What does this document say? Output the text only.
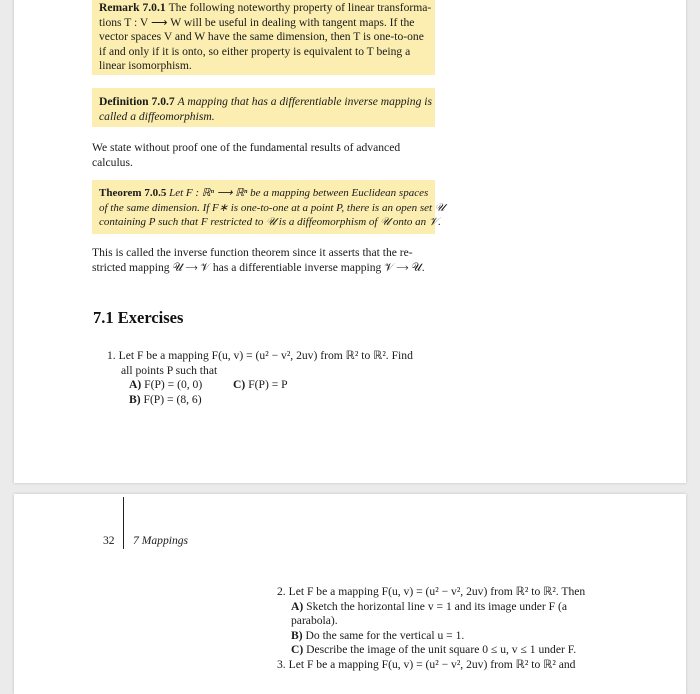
Remark 7.0.1 The following noteworthy property of linear transforma-
tions T : V ⟶ W will be useful in dealing with tangent maps. If the
vector spaces V and W have the same dimension, then T is one-to-one
if and only if it is onto, so either property is equivalent to T being a
linear isomorphism.
Definition 7.0.7 A mapping that has a differentiable inverse mapping is
called a diffeomorphism.
We state without proof one of the fundamental results of advanced
calculus.
Theorem 7.0.5 Let F : ℝⁿ ⟶ ℝⁿ be a mapping between Euclidean spaces
of the same dimension. If F∗ is one-to-one at a point P, there is an open set 𝒰
containing P such that F restricted to 𝒰 is a diffeomorphism of 𝒰 onto an 𝒱.
This is called the inverse function theorem since it asserts that the re-
stricted mapping 𝒰 ⟶ 𝒱 has a differentiable inverse mapping 𝒱 ⟶ 𝒰.
7.1 Exercises
1. Let F be a mapping F(u, v) = (u² − v², 2uv) from ℝ² to ℝ². Find
all points P such that
A) F(P) = (0, 0)	C) F(P) = P
B) F(P) = (8, 6)
32 7 Mappings
2. Let F be a mapping F(u, v) = (u² − v², 2uv) from ℝ² to ℝ². Then
A) Sketch the horizontal line v = 1 and its image under F (a
parabola).
B) Do the same for the vertical u = 1.
C) Describe the image of the unit square 0 ≤ u, v ≤ 1 under F.
3. Let F be a mapping F(u, v) = (u² − v², 2uv) from ℝ² to ℝ² and
